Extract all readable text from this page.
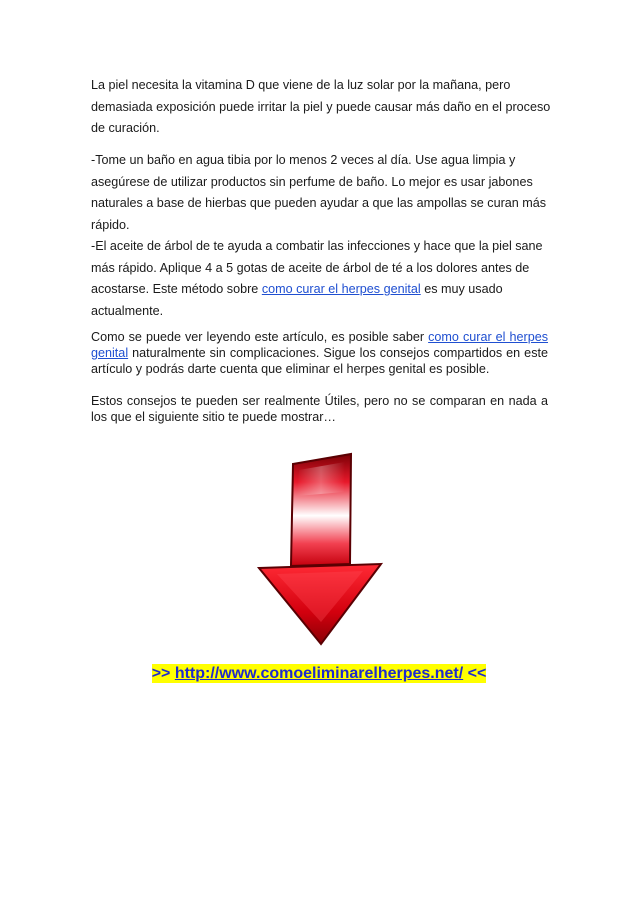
La piel necesita la vitamina D que viene de la luz solar por la mañana, pero demasiada exposición puede irritar la piel y puede causar más daño en el proceso de curación.

-Tome un baño en agua tibia por lo menos 2 veces al día. Use agua limpia y asegúrese de utilizar productos sin perfume de baño. Lo mejor es usar jabones naturales a base de hierbas que pueden ayudar a que las ampollas se curan más rápido.

-El aceite de árbol de te ayuda a combatir las infecciones y hace que la piel sane más rápido. Aplique 4 a 5 gotas de aceite de árbol de té a los dolores antes de acostarse. Este método sobre como curar el herpes genital es muy usado actualmente.

Como se puede ver leyendo este artículo, es posible saber como curar el herpes genital naturalmente sin complicaciones. Sigue los consejos compartidos en este artículo y podrás darte cuenta que eliminar el herpes genital es posible.

Estos consejos te pueden ser realmente Útiles, pero no se comparan en nada a los que el siguiente sitio te puede mostrar…

>> http://www.comoeliminarelherpes.net/ <<
